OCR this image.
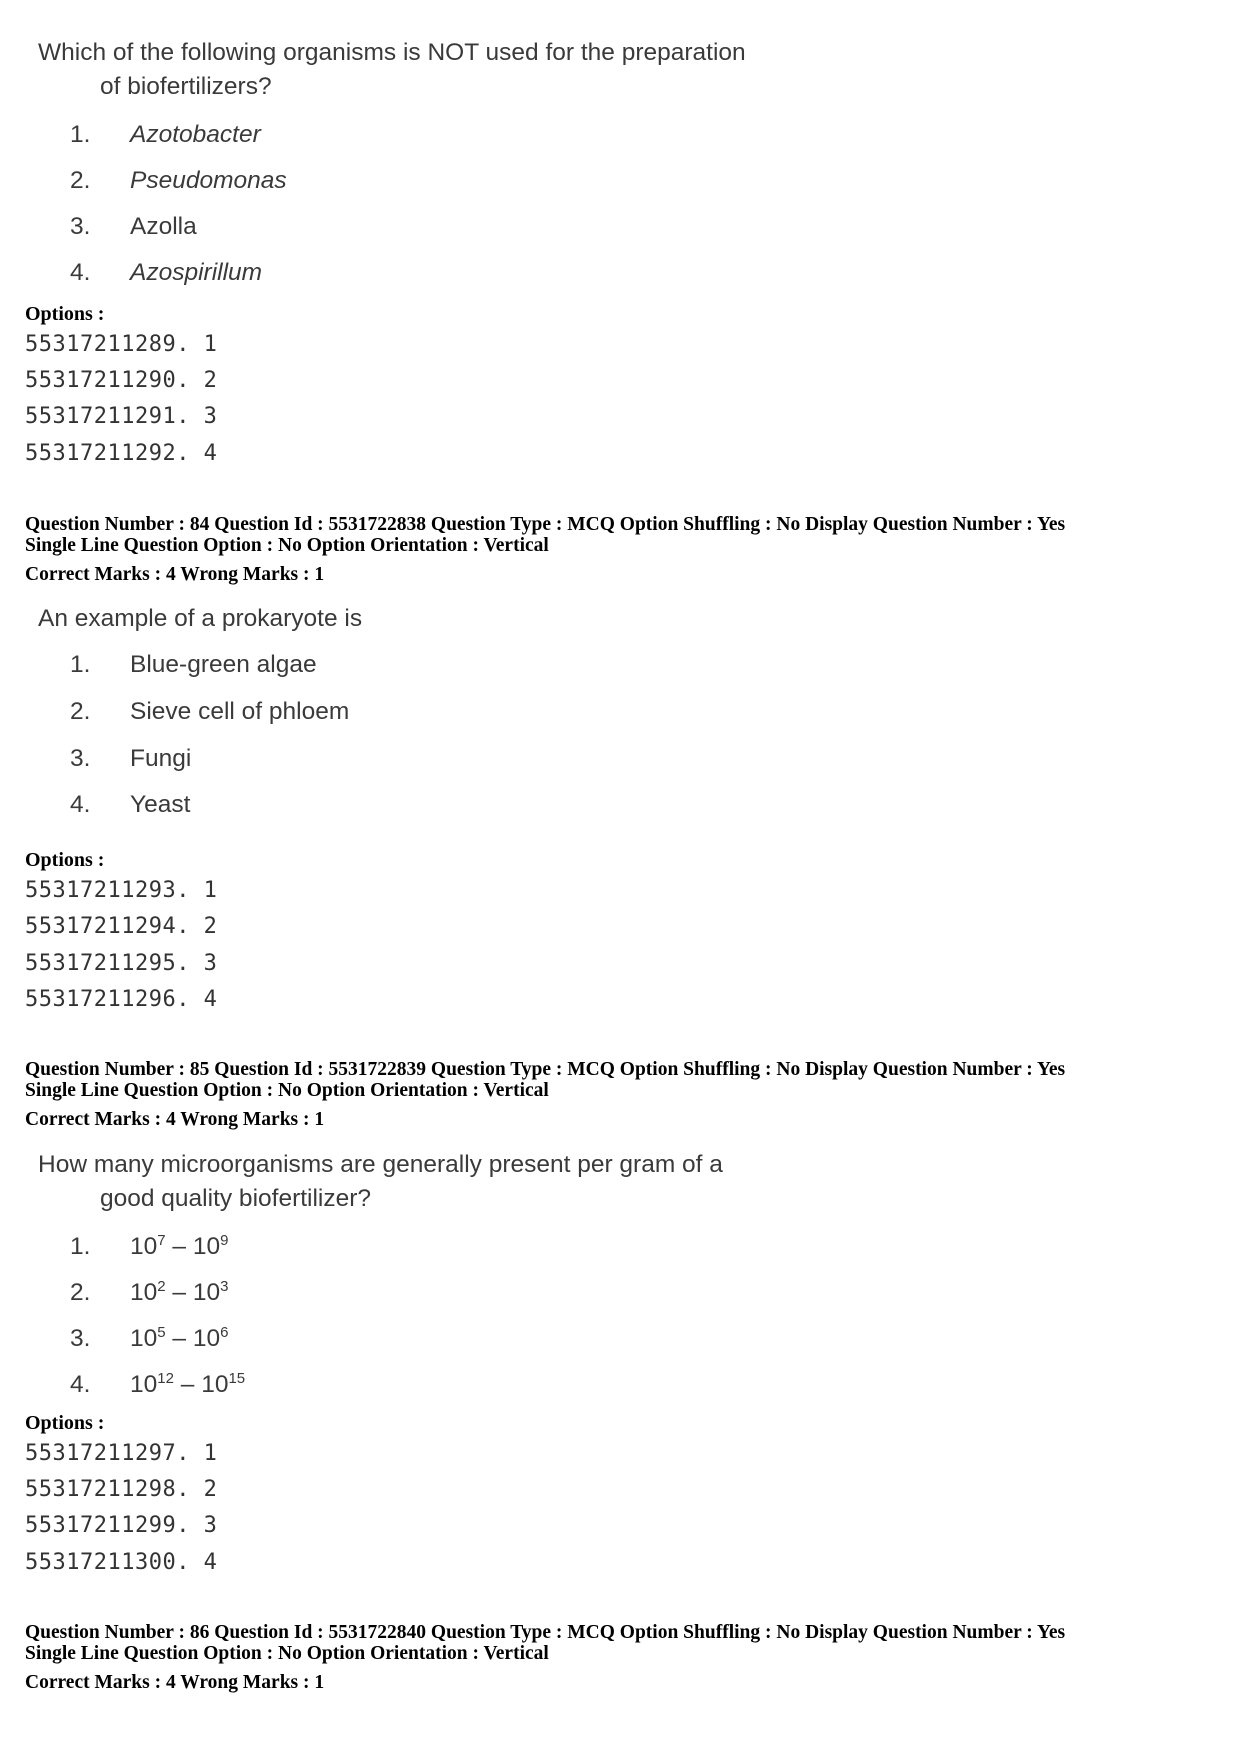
Which of the following organisms is NOT used for the preparation
of biofertilizers?
1. Azotobacter
2. Pseudomonas
3. Azolla
4. Azospirillum
Options :
55317211289. 1
55317211290. 2
55317211291. 3
55317211292. 4
Question Number : 84 Question Id : 5531722838 Question Type : MCQ Option Shuffling : No Display Question Number : Yes
Single Line Question Option : No Option Orientation : Vertical
Correct Marks : 4 Wrong Marks : 1
An example of a prokaryote is
1. Blue-green algae
2. Sieve cell of phloem
3. Fungi
4. Yeast
Options :
55317211293. 1
55317211294. 2
55317211295. 3
55317211296. 4
Question Number : 85 Question Id : 5531722839 Question Type : MCQ Option Shuffling : No Display Question Number : Yes
Single Line Question Option : No Option Orientation : Vertical
Correct Marks : 4 Wrong Marks : 1
How many microorganisms are generally present per gram of a
good quality biofertilizer?
1. $10^7 - 10^9$
2. $10^2 - 10^3$
3. $10^5 - 10^6$
4. $10^{12} - 10^{15}$
Options :
55317211297. 1
55317211298. 2
55317211299. 3
55317211300. 4
Question Number : 86 Question Id : 5531722840 Question Type : MCQ Option Shuffling : No Display Question Number : Yes
Single Line Question Option : No Option Orientation : Vertical
Correct Marks : 4 Wrong Marks : 1
